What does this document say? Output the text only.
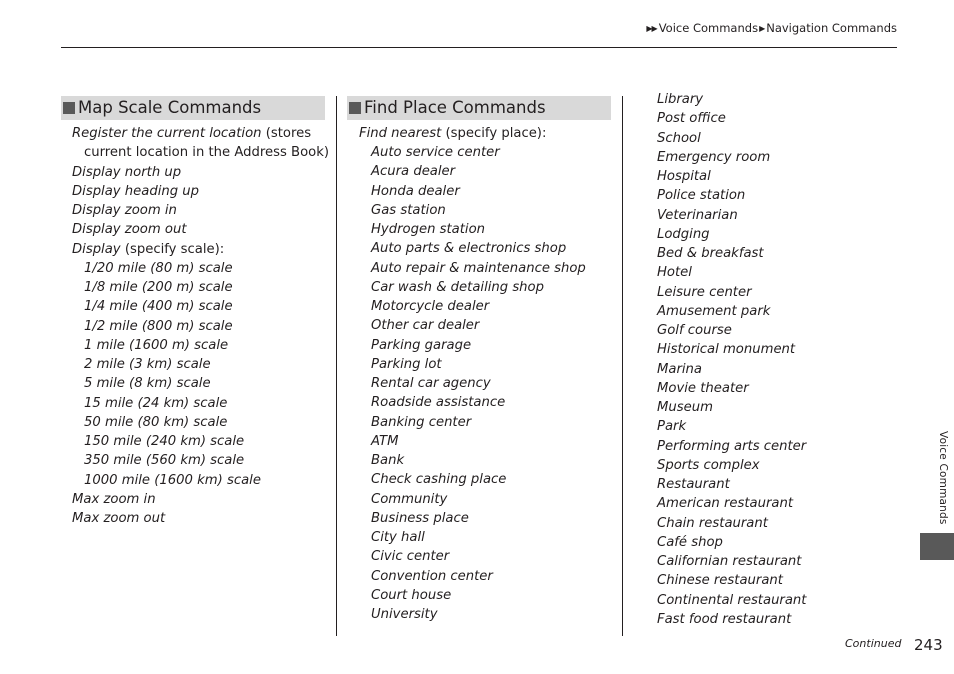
▶▶ Voice Commands ▶ Navigation Commands
Map Scale Commands
Register the current location (stores
current location in the Address Book)
Display north up
Display heading up
Display zoom in
Display zoom out
Display (specify scale):
1/20 mile (80 m) scale
1/8 mile (200 m) scale
1/4 mile (400 m) scale
1/2 mile (800 m) scale
1 mile (1600 m) scale
2 mile (3 km) scale
5 mile (8 km) scale
15 mile (24 km) scale
50 mile (80 km) scale
150 mile (240 km) scale
350 mile (560 km) scale
1000 mile (1600 km) scale
Max zoom in
Max zoom out
Find Place Commands
Find nearest (specify place):
Auto service center
Acura dealer
Honda dealer
Gas station
Hydrogen station
Auto parts & electronics shop
Auto repair & maintenance shop
Car wash & detailing shop
Motorcycle dealer
Other car dealer
Parking garage
Parking lot
Rental car agency
Roadside assistance
Banking center
ATM
Bank
Check cashing place
Community
Business place
City hall
Civic center
Convention center
Court house
University
Library
Post office
School
Emergency room
Hospital
Police station
Veterinarian
Lodging
Bed & breakfast
Hotel
Leisure center
Amusement park
Golf course
Historical monument
Marina
Movie theater
Museum
Park
Performing arts center
Sports complex
Restaurant
American restaurant
Chain restaurant
Café shop
Californian restaurant
Chinese restaurant
Continental restaurant
Fast food restaurant
Voice Commands
Continued 243
